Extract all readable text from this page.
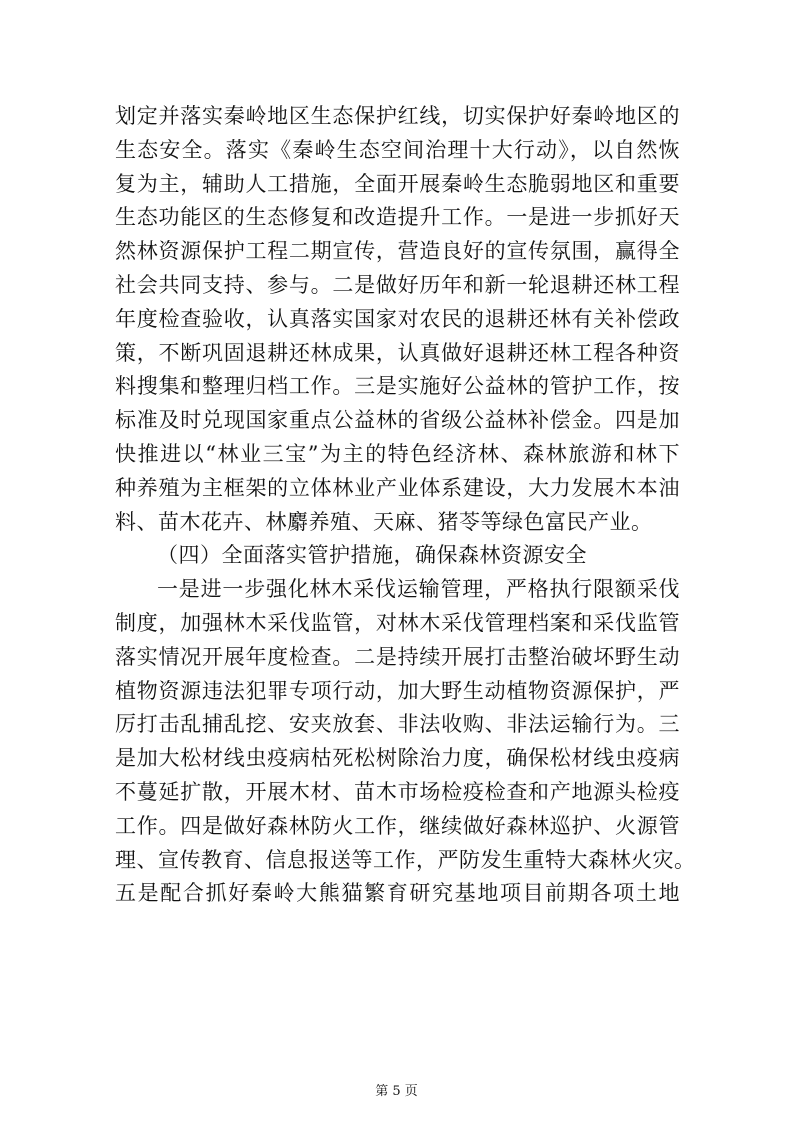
划定并落实秦岭地区生态保护红线，切实保护好秦岭地区的
生态安全。落实《秦岭生态空间治理十大行动》，以自然恢
复为主，辅助人工措施，全面开展秦岭生态脆弱地区和重要
生态功能区的生态修复和改造提升工作。一是进一步抓好天
然林资源保护工程二期宣传，营造良好的宣传氛围，赢得全
社会共同支持、参与。二是做好历年和新一轮退耕还林工程
年度检查验收，认真落实国家对农民的退耕还林有关补偿政
策，不断巩固退耕还林成果，认真做好退耕还林工程各种资
料搜集和整理归档工作。三是实施好公益林的管护工作，按
标准及时兑现国家重点公益林的省级公益林补偿金。四是加
快推进以“林业三宝”为主的特色经济林、森林旅游和林下
种养殖为主框架的立体林业产业体系建设，大力发展木本油
料、苗木花卉、林麝养殖、天麻、猪苓等绿色富民产业。
（四）全面落实管护措施，确保森林资源安全
一是进一步强化林木采伐运输管理，严格执行限额采伐
制度，加强林木采伐监管，对林木采伐管理档案和采伐监管
落实情况开展年度检查。二是持续开展打击整治破坏野生动
植物资源违法犯罪专项行动，加大野生动植物资源保护，严
厉打击乱捕乱挖、安夹放套、非法收购、非法运输行为。三
是加大松材线虫疫病枯死松树除治力度，确保松材线虫疫病
不蔓延扩散，开展木材、苗木市场检疫检查和产地源头检疫
工作。四是做好森林防火工作，继续做好森林巡护、火源管
理、宣传教育、信息报送等工作，严防发生重特大森林火灾。
五是配合抓好秦岭大熊猫繁育研究基地项目前期各项土地
第 5 页
